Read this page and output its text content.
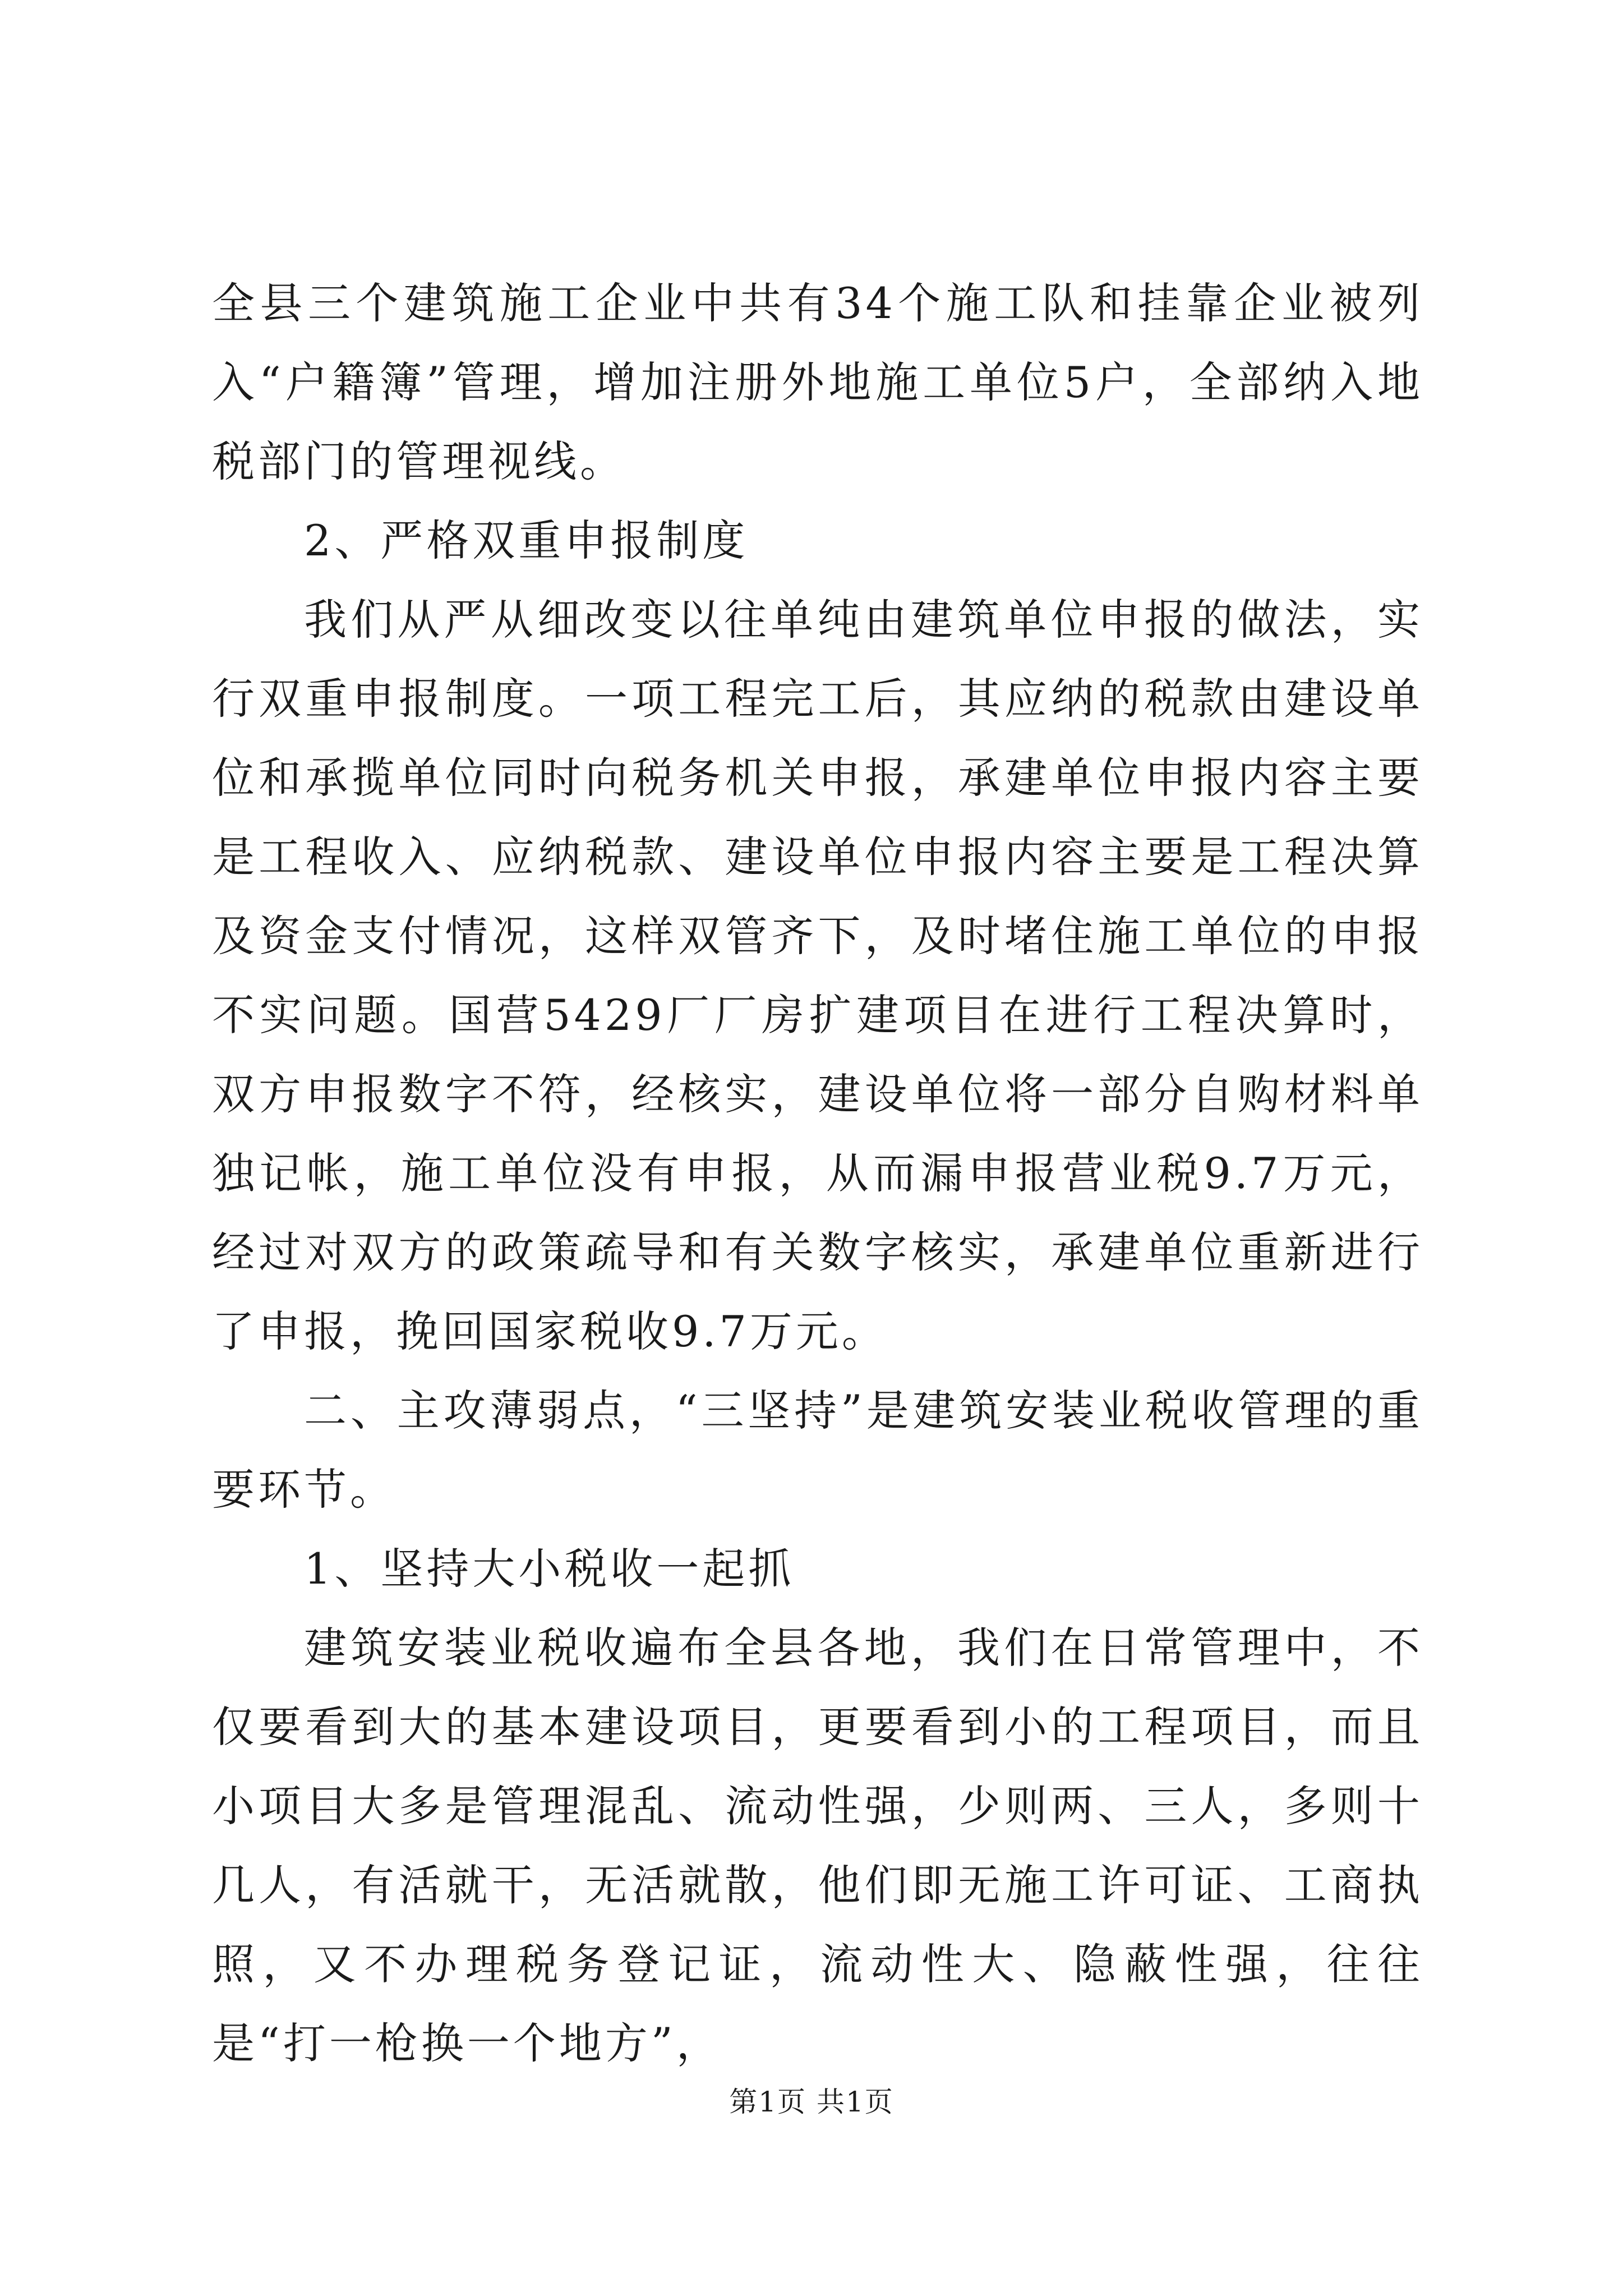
全县三个建筑施工企业中共有34个施工队和挂靠企业被列入“户籍簿”管理，增加注册外地施工单位5户，全部纳入地税部门的管理视线。

2、严格双重申报制度

我们从严从细改变以往单纯由建筑单位申报的做法，实行双重申报制度。一项工程完工后，其应纳的税款由建设单位和承揽单位同时向税务机关申报，承建单位申报内容主要是工程收入、应纳税款、建设单位申报内容主要是工程决算及资金支付情况，这样双管齐下，及时堵住施工单位的申报不实问题。国营5429厂厂房扩建项目在进行工程决算时，双方申报数字不符，经核实，建设单位将一部分自购材料单独记帐，施工单位没有申报，从而漏申报营业税9.7万元，经过对双方的政策疏导和有关数字核实，承建单位重新进行了申报，挽回国家税收9.7万元。

二、主攻薄弱点，“三坚持”是建筑安装业税收管理的重要环节。

1、坚持大小税收一起抓

建筑安装业税收遍布全县各地，我们在日常管理中，不仅要看到大的基本建设项目，更要看到小的工程项目，而且小项目大多是管理混乱、流动性强，少则两、三人，多则十几人，有活就干，无活就散，他们即无施工许可证、工商执照，又不办理税务登记证，流动性大、隐蔽性强，往往是“打一枪换一个地方”，

第1页 共1页
